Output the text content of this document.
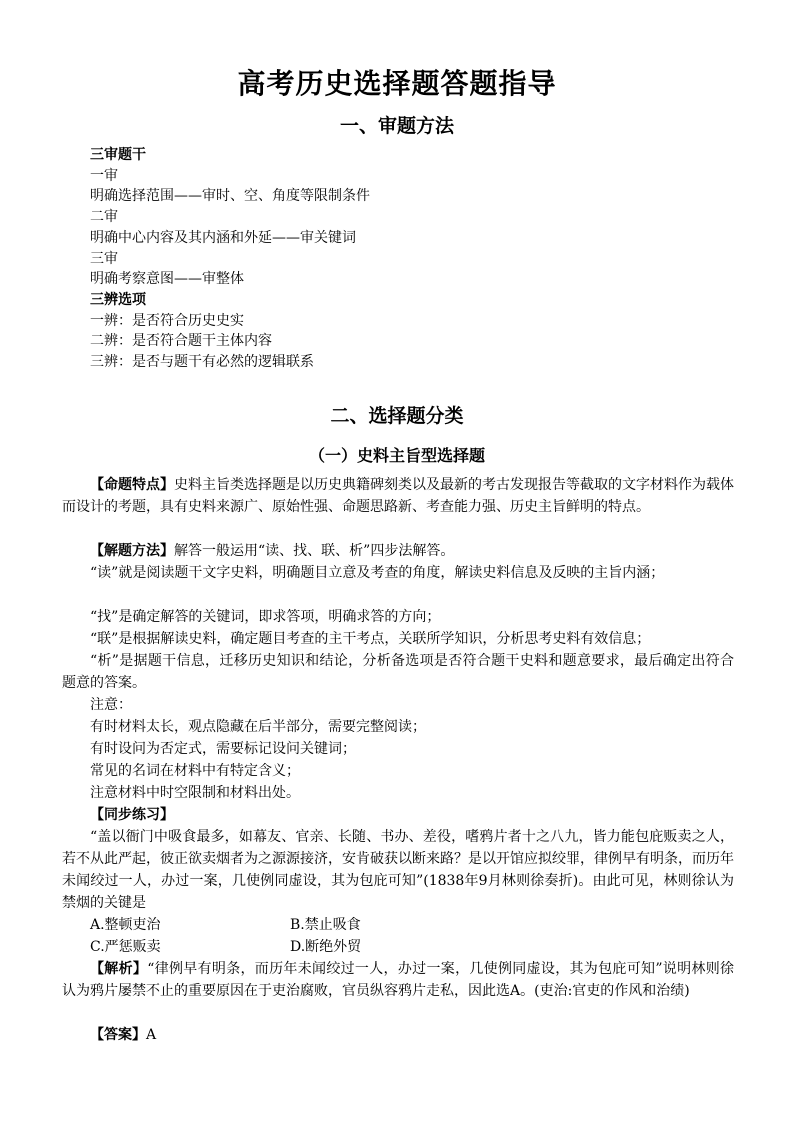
高考历史选择题答题指导
一、审题方法
三审题干
一审
明确选择范围——审时、空、角度等限制条件
二审
明确中心内容及其内涵和外延——审关键词
三审
明确考察意图——审整体
三辨选项
一辨：是否符合历史史实
二辨：是否符合题干主体内容
三辨：是否与题干有必然的逻辑联系
二、选择题分类
（一）史料主旨型选择题
【命题特点】史料主旨类选择题是以历史典籍碑刻类以及最新的考古发现报告等截取的文字材料作为载体而设计的考题，具有史料来源广、原始性强、命题思路新、考查能力强、历史主旨鲜明的特点。
【解题方法】解答一般运用“读、找、联、析”四步法解答。
“读”就是阅读题干文字史料，明确题目立意及考查的角度，解读史料信息及反映的主旨内涵；
“找”是确定解答的关键词，即求答项，明确求答的方向；
“联”是根据解读史料，确定题目考查的主干考点，关联所学知识，分析思考史料有效信息；
“析”是据题干信息，迁移历史知识和结论，分析备选项是否符合题干史料和题意要求，最后确定出符合题意的答案。
注意：
有时材料太长，观点隐藏在后半部分，需要完整阅读；
有时设问为否定式，需要标记设问关键词；
常见的名词在材料中有特定含义；
注意材料中时空限制和材料出处。
【同步练习】
“盖以衙门中吸食最多，如幕友、官亲、长随、书办、差役，嗜鸦片者十之八九，皆力能包庇贩卖之人，若不从此严起，彼正欲卖烟者为之源源接济，安肯破获以断来路？是以开馆应拟绞罪，律例早有明条，而历年未闻绞过一人，办过一案，几使例同虚设，其为包庇可知”(1838年9月林则徐奏折)。由此可见，林则徐认为禁烟的关键是
A.整顿吏治	B.禁止吸食
C.严惩贩卖	D.断绝外贸
【解析】“律例早有明条，而历年未闻绞过一人，办过一案，几使例同虚设，其为包庇可知”说明林则徐认为鸦片屡禁不止的重要原因在于吏治腐败，官员纵容鸦片走私，因此选A。(吏治:官吏的作风和治绩)
【答案】A
